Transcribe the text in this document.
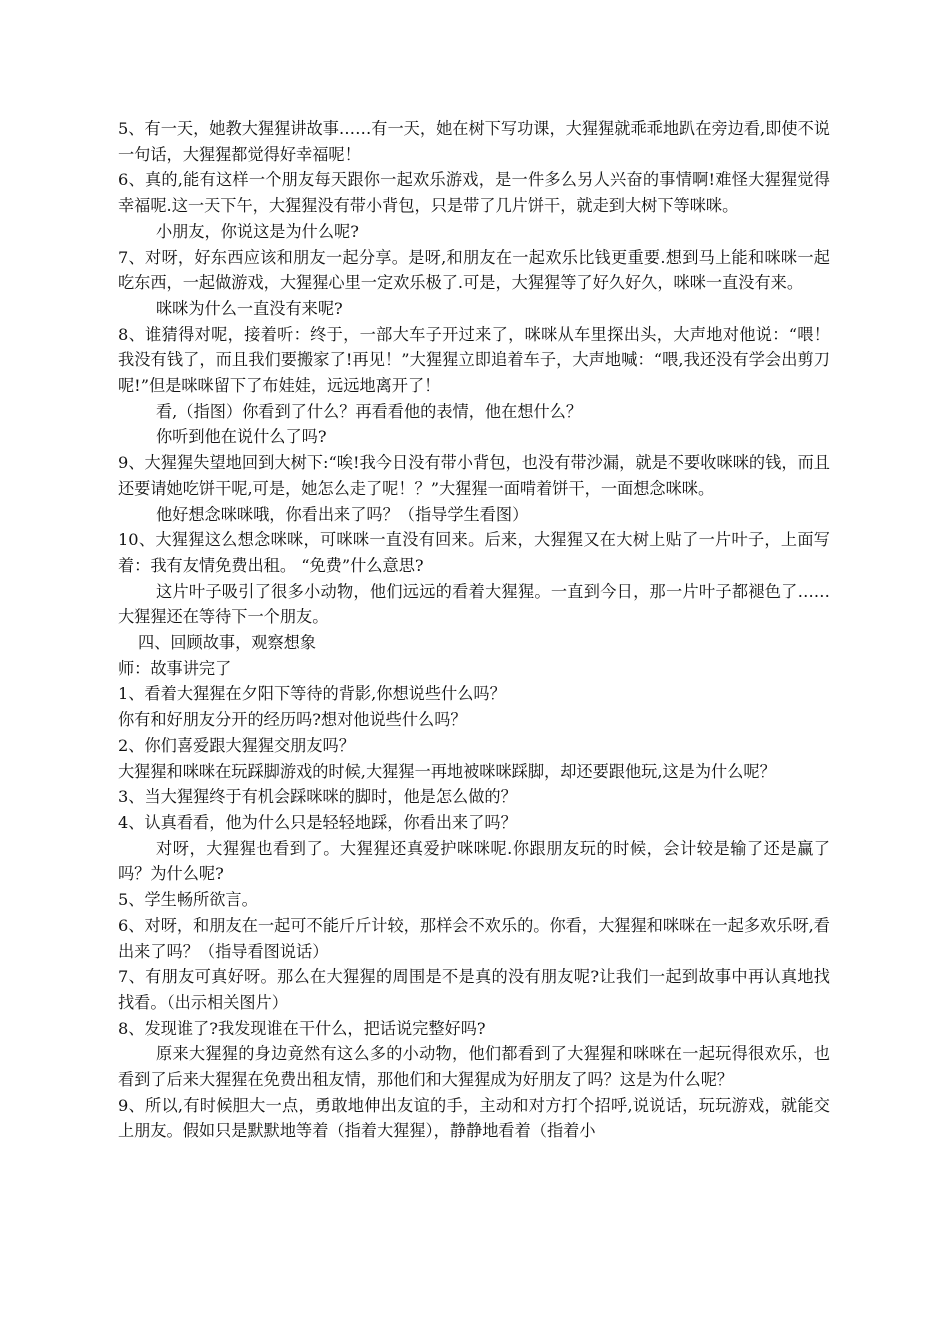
5、有一天，她教大猩猩讲故事……有一天，她在树下写功课，大猩猩就乖乖地趴在旁边看,即使不说一句话，大猩猩都觉得好幸福呢！

6、真的,能有这样一个朋友每天跟你一起欢乐游戏，是一件多么另人兴奋的事情啊!难怪大猩猩觉得幸福呢.这一天下午，大猩猩没有带小背包，只是带了几片饼干，就走到大树下等咪咪。

小朋友，你说这是为什么呢?

7、对呀，好东西应该和朋友一起分享。是呀,和朋友在一起欢乐比钱更重要.想到马上能和咪咪一起吃东西，一起做游戏，大猩猩心里一定欢乐极了.可是，大猩猩等了好久好久，咪咪一直没有来。

咪咪为什么一直没有来呢?

8、谁猜得对呢，接着听：终于，一部大车子开过来了，咪咪从车里探出头，大声地对他说：“喂！我没有钱了，而且我们要搬家了!再见！”大猩猩立即追着车子，大声地喊：“喂,我还没有学会出剪刀呢!”但是咪咪留下了布娃娃，远远地离开了！

看,（指图）你看到了什么？再看看他的表情，他在想什么？

你听到他在说什么了吗?

9、大猩猩失望地回到大树下:“唉!我今日没有带小背包，也没有带沙漏，就是不要收咪咪的钱，而且还要请她吃饼干呢,可是，她怎么走了呢！？”大猩猩一面啃着饼干，一面想念咪咪。

他好想念咪咪哦，你看出来了吗？（指导学生看图）

10、大猩猩这么想念咪咪，可咪咪一直没有回来。后来，大猩猩又在大树上贴了一片叶子，上面写着：我有友情免费出租。 “免费”什么意思?

这片叶子吸引了很多小动物，他们远远的看着大猩猩。一直到今日，那一片叶子都褪色了……大猩猩还在等待下一个朋友。

四、回顾故事，观察想象

师：故事讲完了

1、看着大猩猩在夕阳下等待的背影,你想说些什么吗？

你有和好朋友分开的经历吗?想对他说些什么吗？

2、你们喜爱跟大猩猩交朋友吗？

大猩猩和咪咪在玩踩脚游戏的时候,大猩猩一再地被咪咪踩脚，却还要跟他玩,这是为什么呢？

3、当大猩猩终于有机会踩咪咪的脚时，他是怎么做的？

4、认真看看，他为什么只是轻轻地踩，你看出来了吗？

对呀，大猩猩也看到了。大猩猩还真爱护咪咪呢.你跟朋友玩的时候，会计较是输了还是赢了吗？为什么呢?

5、学生畅所欲言。

6、对呀，和朋友在一起可不能斤斤计较，那样会不欢乐的。你看，大猩猩和咪咪在一起多欢乐呀,看出来了吗？（指导看图说话）

7、有朋友可真好呀。那么在大猩猩的周围是不是真的没有朋友呢?让我们一起到故事中再认真地找找看。（出示相关图片）

8、发现谁了?我发现谁在干什么，把话说完整好吗?

原来大猩猩的身边竟然有这么多的小动物，他们都看到了大猩猩和咪咪在一起玩得很欢乐，也看到了后来大猩猩在免费出租友情，那他们和大猩猩成为好朋友了吗？这是为什么呢？

9、所以,有时候胆大一点，勇敢地伸出友谊的手，主动和对方打个招呼,说说话，玩玩游戏，就能交上朋友。假如只是默默地等着（指着大猩猩），静静地看着（指着小
